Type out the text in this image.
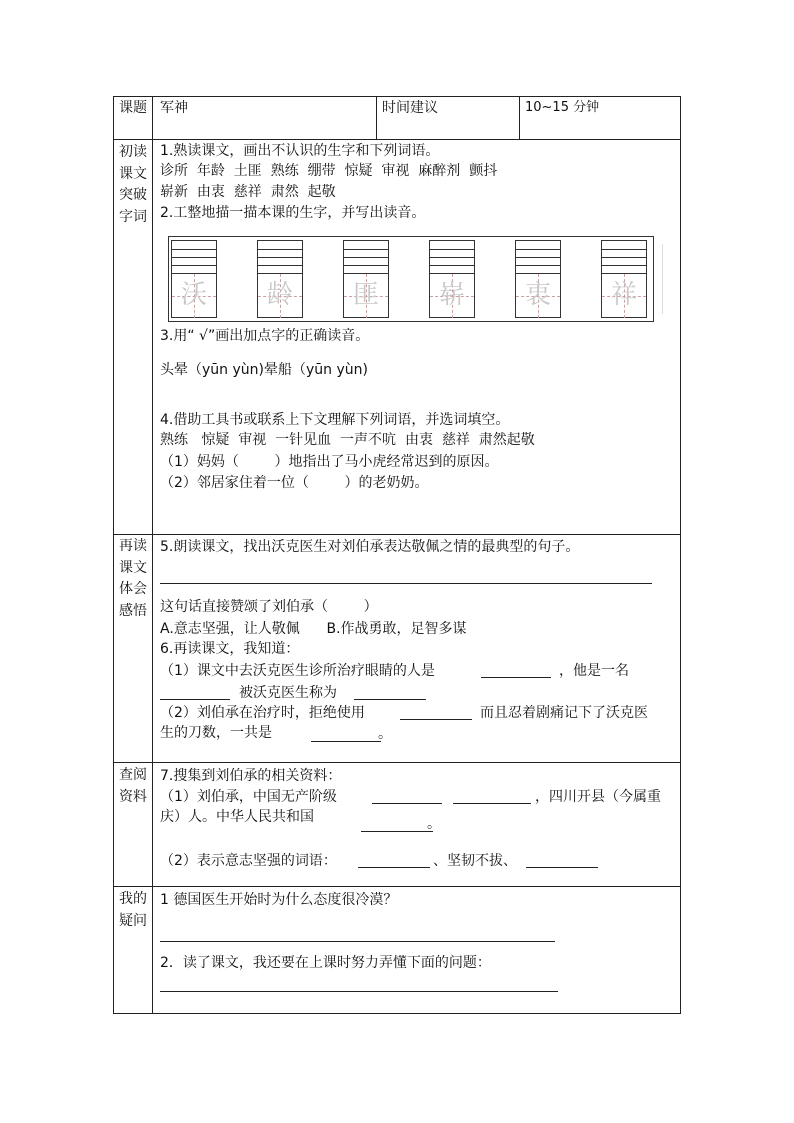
课题 军神	时间建议	10~15 分钟
初读课文突破字词
1.熟读课文，画出不认识的生字和下列词语。
诊所  年龄  土匪  熟练  绷带  惊疑  审视  麻醉剂  颤抖
崭新  由衷  慈祥  肃然  起敬
2.工整地描一描本课的生字，并写出读音。
沃	龄	匪	崭	衷	祥
3.用“ √”画出加点字的正确读音。
头晕（yūn yùn)晕船（yūn yùn)
4.借助工具书或联系上下文理解下列词语，并选词填空。
熟练   惊疑  审视  一针见血  一声不吭  由衷  慈祥  肃然起敬
（1）妈妈（        ）地指出了马小虎经常迟到的原因。
（2）邻居家住着一位（        ）的老奶奶。
再读课文体会感悟
5.朗读课文，找出沃克医生对刘伯承表达敬佩之情的最典型的句子。
这句话直接赞颂了刘伯承（        ）
A.意志坚强，让人敬佩      B.作战勇敢，足智多谋
6.再读课文，我知道：
（1）课文中去沃克医生诊所治疗眼睛的人是	，他是一名
被沃克医生称为
（2）刘伯承在治疗时，拒绝使用	而且忍着剧痛记下了沃克医
生的刀数，一共是	。
查阅资料
7.搜集到刘伯承的相关资料：
（1）刘伯承，中国无产阶级	，四川开县（今属重
庆）人。中华人民共和国	。
（2）表示意志坚强的词语：	、坚韧不拔、
我的疑问
1 德国医生开始时为什么态度很冷漠？
2．读了课文，我还要在上课时努力弄懂下面的问题：
